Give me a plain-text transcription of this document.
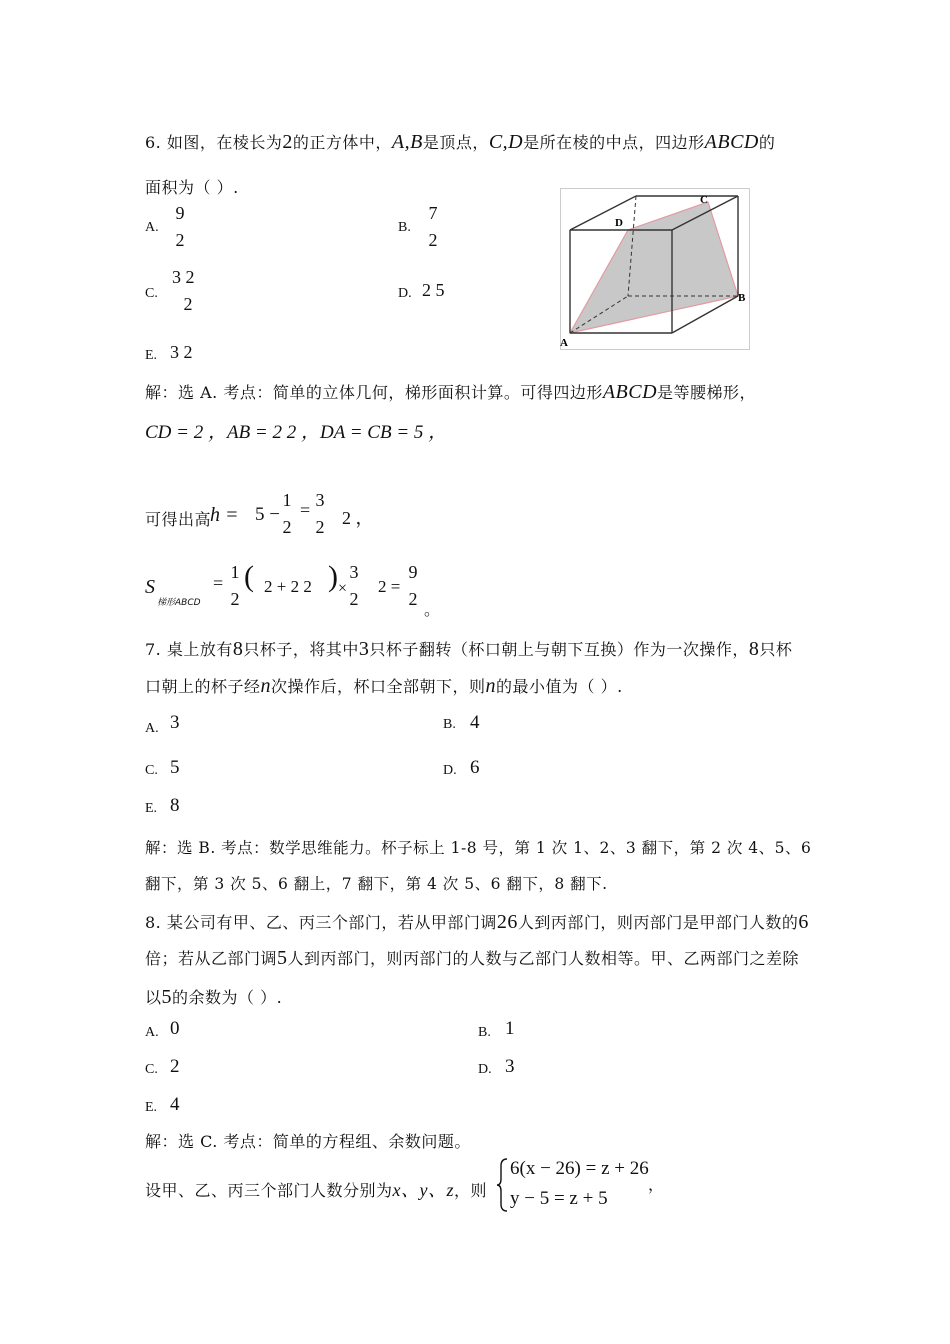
6. 如图，在棱长为2的正方体中，A,B是顶点，C,D是所在棱的中点，四边形ABCD的
面积为（ ）.
A.
9
2
B.
7
2
C.
3 2
2
D. 2 5
E. 3 2	A
B
C
D
解：选 A. 考点：简单的立体几何，梯形面积计算。可得四边形ABCD是等腰梯形，
CD = 2 ，AB = 2 2 ，DA = CB = 5 ，
可得出高
h = 5 −
1
2
= 3
2 2 ，
S
梯形ABCD
=
1
2
( 2 + 2 2 ) ×
3
2
2 =
9
2
。
7. 桌上放有8只杯子，将其中3只杯子翻转（杯口朝上与朝下互换）作为一次操作，8只杯
口朝上的杯子经n次操作后，杯口全部朝下，则n的最小值为（ ）.
A. 3	B. 4
C. 5	D. 6
E. 8
解：选 B. 考点：数学思维能力。杯子标上 1-8 号，第 1 次 1、2、3 翻下，第 2 次 4、5、6
翻下，第 3 次 5、6 翻上，7 翻下，第 4 次 5、6 翻下，8 翻下.
8. 某公司有甲、乙、丙三个部门，若从甲部门调26人到丙部门，则丙部门是甲部门人数的6
倍；若从乙部门调5人到丙部门，则丙部门的人数与乙部门人数相等。甲、乙两部门之差除
以5的余数为（ ）.
A. 0	B. 1
C. 2	D. 3
E. 4
解：选 C. 考点：简单的方程组、余数问题。
设甲、乙、丙三个部门人数分别为x、y、z，则
6(x − 26) = z + 26
y − 5 = z + 5
，
